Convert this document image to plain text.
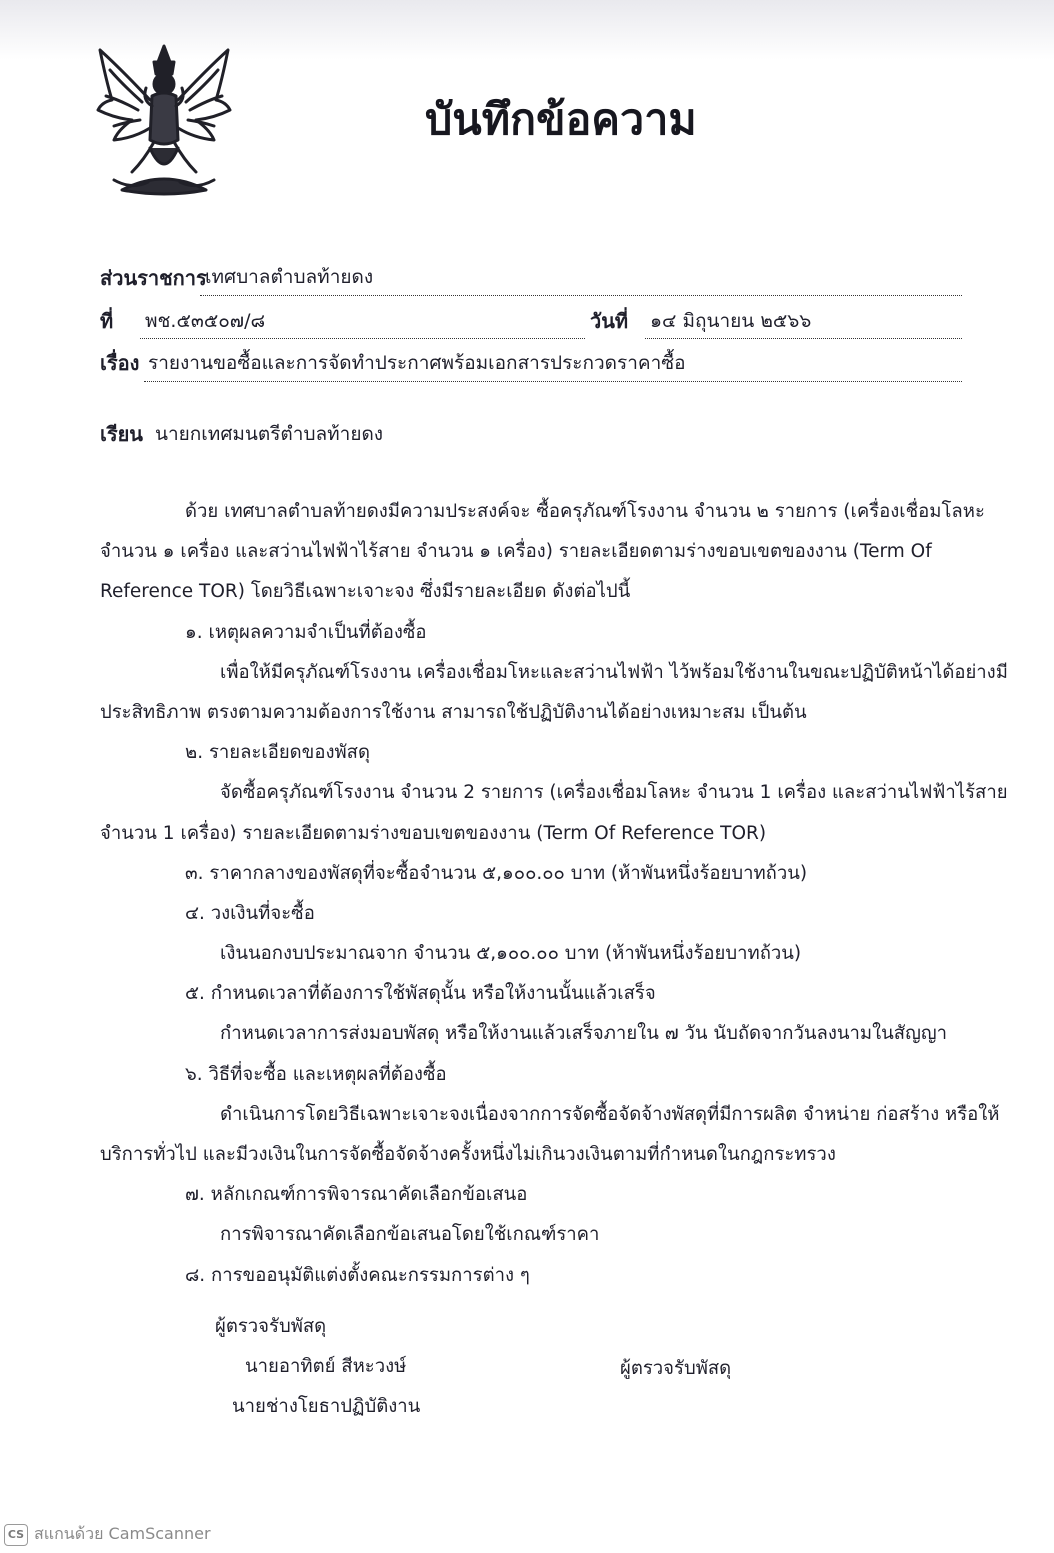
บันทึกข้อความ
ส่วนราชการ
เทศบาลตำบลท้ายดง
ที่ พช.๕๓๕๐๗/๘	วันที่ ๑๔ มิถุนายน ๒๕๖๖
เรื่อง รายงานขอซื้อและการจัดทำประกาศพร้อมเอกสารประกวดราคาซื้อ
เรียน นายกเทศมนตรีตำบลท้ายดง
ด้วย เทศบาลตำบลท้ายดงมีความประสงค์จะ ซื้อครุภัณฑ์โรงงาน จำนวน ๒ รายการ (เครื่องเชื่อมโลหะ
จำนวน ๑ เครื่อง และสว่านไฟฟ้าไร้สาย จำนวน ๑ เครื่อง) รายละเอียดตามร่างขอบเขตของงาน (Term Of
Reference TOR) โดยวิธีเฉพาะเจาะจง ซึ่งมีรายละเอียด ดังต่อไปนี้
๑. เหตุผลความจำเป็นที่ต้องซื้อ
เพื่อให้มีครุภัณฑ์โรงงาน เครื่องเชื่อมโหะและสว่านไฟฟ้า ไว้พร้อมใช้งานในขณะปฏิบัติหน้าได้อย่างมี
ประสิทธิภาพ ตรงตามความต้องการใช้งาน สามารถใช้ปฏิบัติงานได้อย่างเหมาะสม เป็นต้น
๒. รายละเอียดของพัสดุ
จัดซื้อครุภัณฑ์โรงงาน จำนวน 2 รายการ (เครื่องเชื่อมโลหะ จำนวน 1 เครื่อง และสว่านไฟฟ้าไร้สาย
จำนวน 1 เครื่อง) รายละเอียดตามร่างขอบเขตของงาน (Term Of Reference TOR)
๓. ราคากลางของพัสดุที่จะซื้อจำนวน ๕,๑๐๐.๐๐ บาท (ห้าพันหนึ่งร้อยบาทถ้วน)
๔. วงเงินที่จะซื้อ
เงินนอกงบประมาณจาก จำนวน ๕,๑๐๐.๐๐ บาท (ห้าพันหนึ่งร้อยบาทถ้วน)
๕. กำหนดเวลาที่ต้องการใช้พัสดุนั้น หรือให้งานนั้นแล้วเสร็จ
กำหนดเวลาการส่งมอบพัสดุ หรือให้งานแล้วเสร็จภายใน ๗ วัน นับถัดจากวันลงนามในสัญญา
๖. วิธีที่จะซื้อ และเหตุผลที่ต้องซื้อ
ดำเนินการโดยวิธีเฉพาะเจาะจงเนื่องจากการจัดซื้อจัดจ้างพัสดุที่มีการผลิต จำหน่าย ก่อสร้าง หรือให้
บริการทั่วไป และมีวงเงินในการจัดซื้อจัดจ้างครั้งหนึ่งไม่เกินวงเงินตามที่กำหนดในกฎกระทรวง
๗. หลักเกณฑ์การพิจารณาคัดเลือกข้อเสนอ
การพิจารณาคัดเลือกข้อเสนอโดยใช้เกณฑ์ราคา
๘. การขออนุมัติแต่งตั้งคณะกรรมการต่าง ๆ
ผู้ตรวจรับพัสดุ
นายอาทิตย์ สีหะวงษ์	ผู้ตรวจรับพัสดุ
นายช่างโยธาปฏิบัติงาน
CS สแกนด้วย CamScanner
